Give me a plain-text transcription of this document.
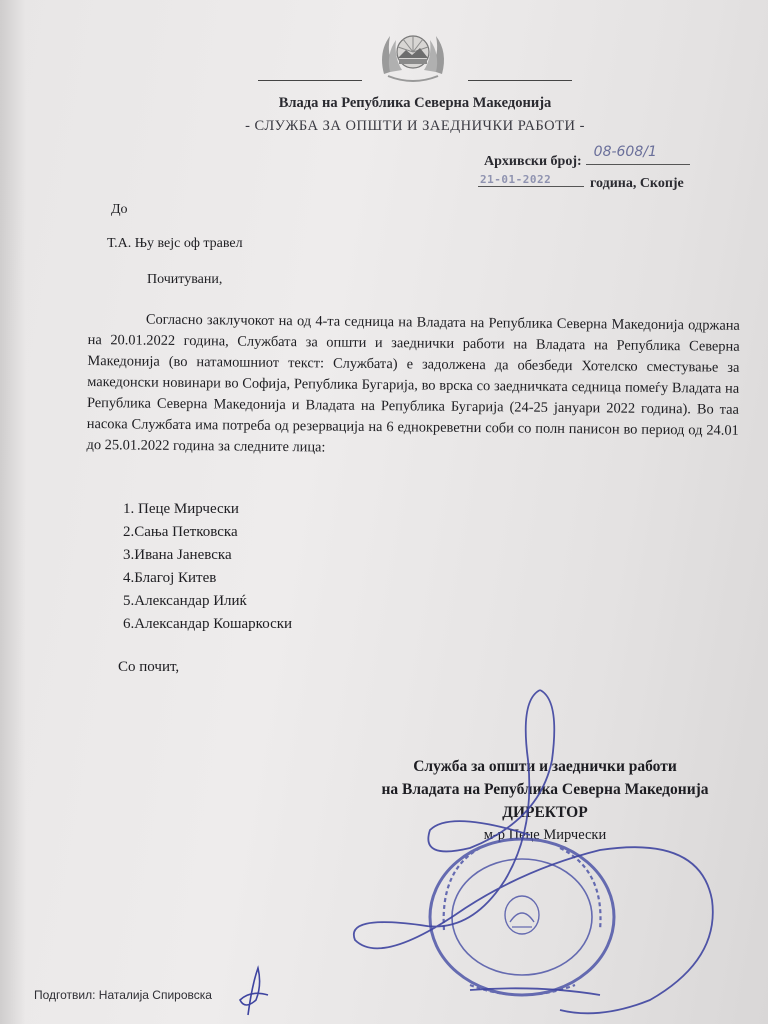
Влада на Република Северна Македонија
- СЛУЖБА ЗА ОПШТИ И ЗАЕДНИЧКИ РАБОТИ -
Архивски број:
08-608/1
21-01-2022	година, Скопје
До
Т.А. Њу вејс оф травел
Почитувани,
Согласно заклучокот на од 4-та седница на Владата на Република Северна Македонија одржана на 20.01.2022 година, Службата за општи и заеднички работи на Владата на Република Северна Македонија (во натамошниот текст: Службата) е задолжена да обезбеди Хотелско сместување за македонски новинари во Софија, Република Бугарија, во врска со заедничката седница помеѓу Владата на Република Северна Македонија и Владата на Република Бугарија (24-25 јануари 2022 година). Во таа насока Службата има потреба од резервација на 6 еднокреветни соби со полн панисон во период од 24.01 до 25.01.2022 година за следните лица:
1. Пеце Мирчески
2.Сања Петковска
3.Ивана Јаневска
4.Благој Китев
5.Александар Илиќ
6.Александар Кошаркоски
Со почит,
Служба за општи и заеднички работи
на Владата на Република Северна Македонија
ДИРЕКТОР
м-р Пеце Мирчески
Подготвил: Наталија Спировска
